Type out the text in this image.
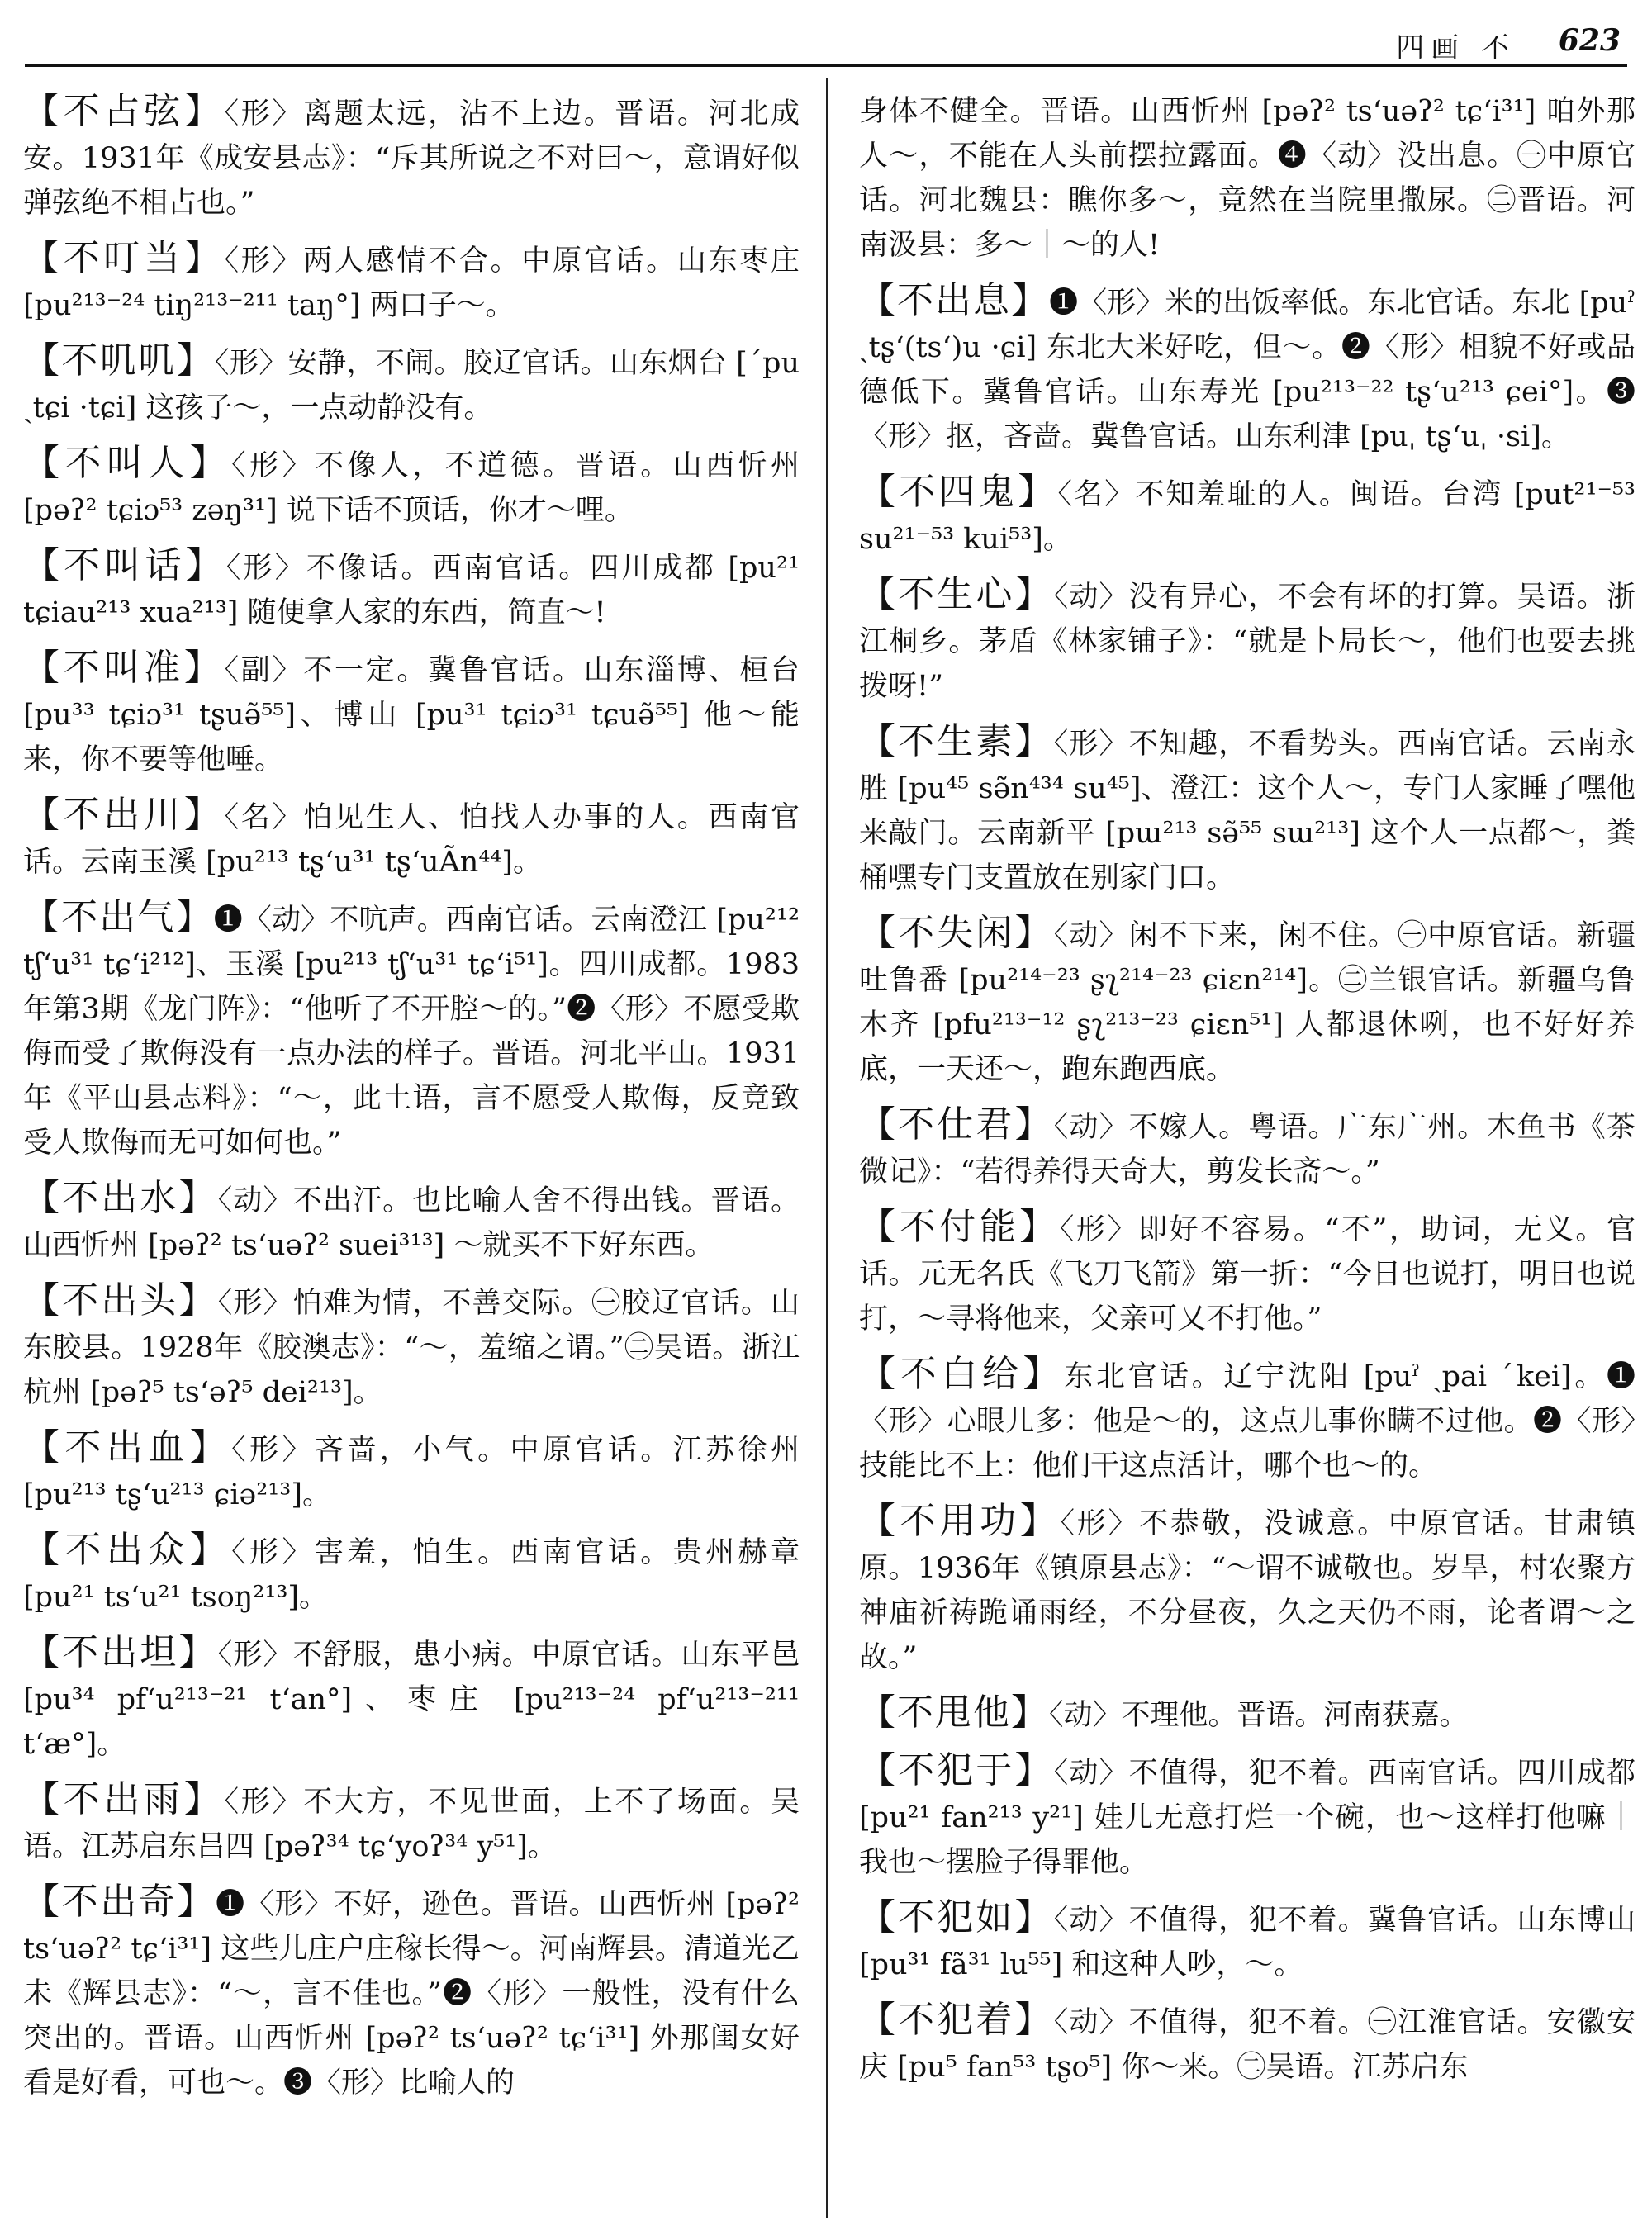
四画 不 623

【不占弦】〈形〉离题太远，沾不上边。晋语。河北成安。1931年《成安县志》：“斥其所说之不对曰～，意谓好似弹弦绝不相占也。”

【不叮当】〈形〉两人感情不合。中原官话。山东枣庄 [pu²¹³⁻²⁴ tiŋ²¹³⁻²¹¹ taŋ°] 两口子～。

【不叽叽】〈形〉安静，不闹。胶辽官话。山东烟台 [ˊpu ˏtɕi ·tɕi] 这孩子～，一点动静没有。

【不叫人】〈形〉不像人，不道德。晋语。山西忻州 [pəʔ² tɕiɔ⁵³ zəŋ³¹] 说下话不顶话，你才～哩。

【不叫话】〈形〉不像话。西南官话。四川成都 [pu²¹ tɕiau²¹³ xua²¹³] 随便拿人家的东西，简直～!

【不叫准】〈副〉不一定。冀鲁官话。山东淄博、桓台 [pu³³ tɕiɔ³¹ tʂuə̃⁵⁵]、博山 [pu³¹ tɕiɔ³¹ tɕuə̃⁵⁵] 他～能来，你不要等他唾。

【不出川】〈名〉怕见生人、怕找人办事的人。西南官话。云南玉溪 [pu²¹³ tʂʻu³¹ tʂʻuÃn⁴⁴]。

【不出气】❶〈动〉不吭声。西南官话。云南澄江 [pu²¹² tʃʻu³¹ tɕʻi²¹²]、玉溪 [pu²¹³ tʃʻu³¹ tɕʻi⁵¹]。四川成都。1983年第3期《龙门阵》：“他听了不开腔～的。”❷〈形〉不愿受欺侮而受了欺侮没有一点办法的样子。晋语。河北平山。1931年《平山县志料》：“～，此土语，言不愿受人欺侮，反竟致受人欺侮而无可如何也。”

【不出水】〈动〉不出汗。也比喻人舍不得出钱。晋语。山西忻州 [pəʔ² tsʻuəʔ² suei³¹³] ～就买不下好东西。

【不出头】〈形〉怕难为情，不善交际。㊀胶辽官话。山东胶县。1928年《胶澳志》：“～，羞缩之谓。”㊁吴语。浙江杭州 [pəʔ⁵ tsʻəʔ⁵ dei²¹³]。

【不出血】〈形〉吝啬，小气。中原官话。江苏徐州 [pu²¹³ tʂʻu²¹³ ɕiə²¹³]。

【不出众】〈形〉害羞，怕生。西南官话。贵州赫章 [pu²¹ tsʻu²¹ tsoŋ²¹³]。

【不出坦】〈形〉不舒服，患小病。中原官话。山东平邑 [pu³⁴ pfʻu²¹³⁻²¹ tʻan°]、枣庄 [pu²¹³⁻²⁴ pfʻu²¹³⁻²¹¹ tʻæ°]。

【不出雨】〈形〉不大方，不见世面，上不了场面。吴语。江苏启东吕四 [pəʔ³⁴ tɕʻyoʔ³⁴ y⁵¹]。

【不出奇】❶〈形〉不好，逊色。晋语。山西忻州 [pəʔ² tsʻuəʔ² tɕʻi³¹] 这些儿庄户庄稼长得～。河南辉县。清道光乙未《辉县志》：“～，言不佳也。”❷〈形〉一般性，没有什么突出的。晋语。山西忻州 [pəʔ² tsʻuəʔ² tɕʻi³¹] 外那闺女好看是好看，可也～。❸〈形〉比喻人的

身体不健全。晋语。山西忻州 [pəʔ² tsʻuəʔ² tɕʻi³¹] 咱外那人～，不能在人头前摆拉露面。❹〈动〉没出息。㊀中原官话。河北魏县：瞧你多～，竟然在当院里撒尿。㊁晋语。河南汲县：多～｜～的人!

【不出息】❶〈形〉米的出饭率低。东北官话。东北 [puˀ ˏtʂʻ(tsʻ)u ·ɕi] 东北大米好吃，但～。❷〈形〉相貌不好或品德低下。冀鲁官话。山东寿光 [pu²¹³⁻²² tʂʻu²¹³ ɕei°]。❸〈形〉抠，吝啬。冀鲁官话。山东利津 [puˌ tʂʻuˌ ·si]。

【不四鬼】〈名〉不知羞耻的人。闽语。台湾 [put²¹⁻⁵³ su²¹⁻⁵³ kui⁵³]。

【不生心】〈动〉没有异心，不会有坏的打算。吴语。浙江桐乡。茅盾《林家铺子》：“就是卜局长～，他们也要去挑拨呀!”

【不生素】〈形〉不知趣，不看势头。西南官话。云南永胜 [pu⁴⁵ sə̃n⁴³⁴ su⁴⁵]、澄江：这个人～，专门人家睡了嘿他来敲门。云南新平 [pɯ²¹³ sə̃⁵⁵ sɯ²¹³] 这个人一点都～，粪桶嘿专门支置放在别家门口。

【不失闲】〈动〉闲不下来，闲不住。㊀中原官话。新疆吐鲁番 [pu²¹⁴⁻²³ ʂʅ²¹⁴⁻²³ ɕiɛn²¹⁴]。㊁兰银官话。新疆乌鲁木齐 [pfu²¹³⁻¹² ʂʅ²¹³⁻²³ ɕiɛn⁵¹] 人都退休咧，也不好好养底，一天还～，跑东跑西底。

【不仕君】〈动〉不嫁人。粤语。广东广州。木鱼书《茶微记》：“若得养得天奇大，剪发长斋～。”

【不付能】〈形〉即好不容易。“不”，助词，无义。官话。元无名氏《飞刀飞箭》第一折：“今日也说打，明日也说打，～寻将他来，父亲可又不打他。”

【不白给】东北官话。辽宁沈阳 [puˀ ˏpai ˊkei]。❶〈形〉心眼儿多：他是～的，这点儿事你瞒不过他。❷〈形〉技能比不上：他们干这点活计，哪个也～的。

【不用功】〈形〉不恭敬，没诚意。中原官话。甘肃镇原。1936年《镇原县志》：“～谓不诚敬也。岁旱，村农聚方神庙祈祷跪诵雨经，不分昼夜，久之天仍不雨，论者谓～之故。”

【不甩他】〈动〉不理他。晋语。河南获嘉。

【不犯于】〈动〉不值得，犯不着。西南官话。四川成都 [pu²¹ fan²¹³ y²¹] 娃儿无意打烂一个碗，也～这样打他嘛｜我也～摆脸子得罪他。

【不犯如】〈动〉不值得，犯不着。冀鲁官话。山东博山 [pu³¹ fã³¹ lu⁵⁵] 和这种人吵，～。

【不犯着】〈动〉不值得，犯不着。㊀江淮官话。安徽安庆 [pu⁵ fan⁵³ tʂo⁵] 你～来。㊁吴语。江苏启东
